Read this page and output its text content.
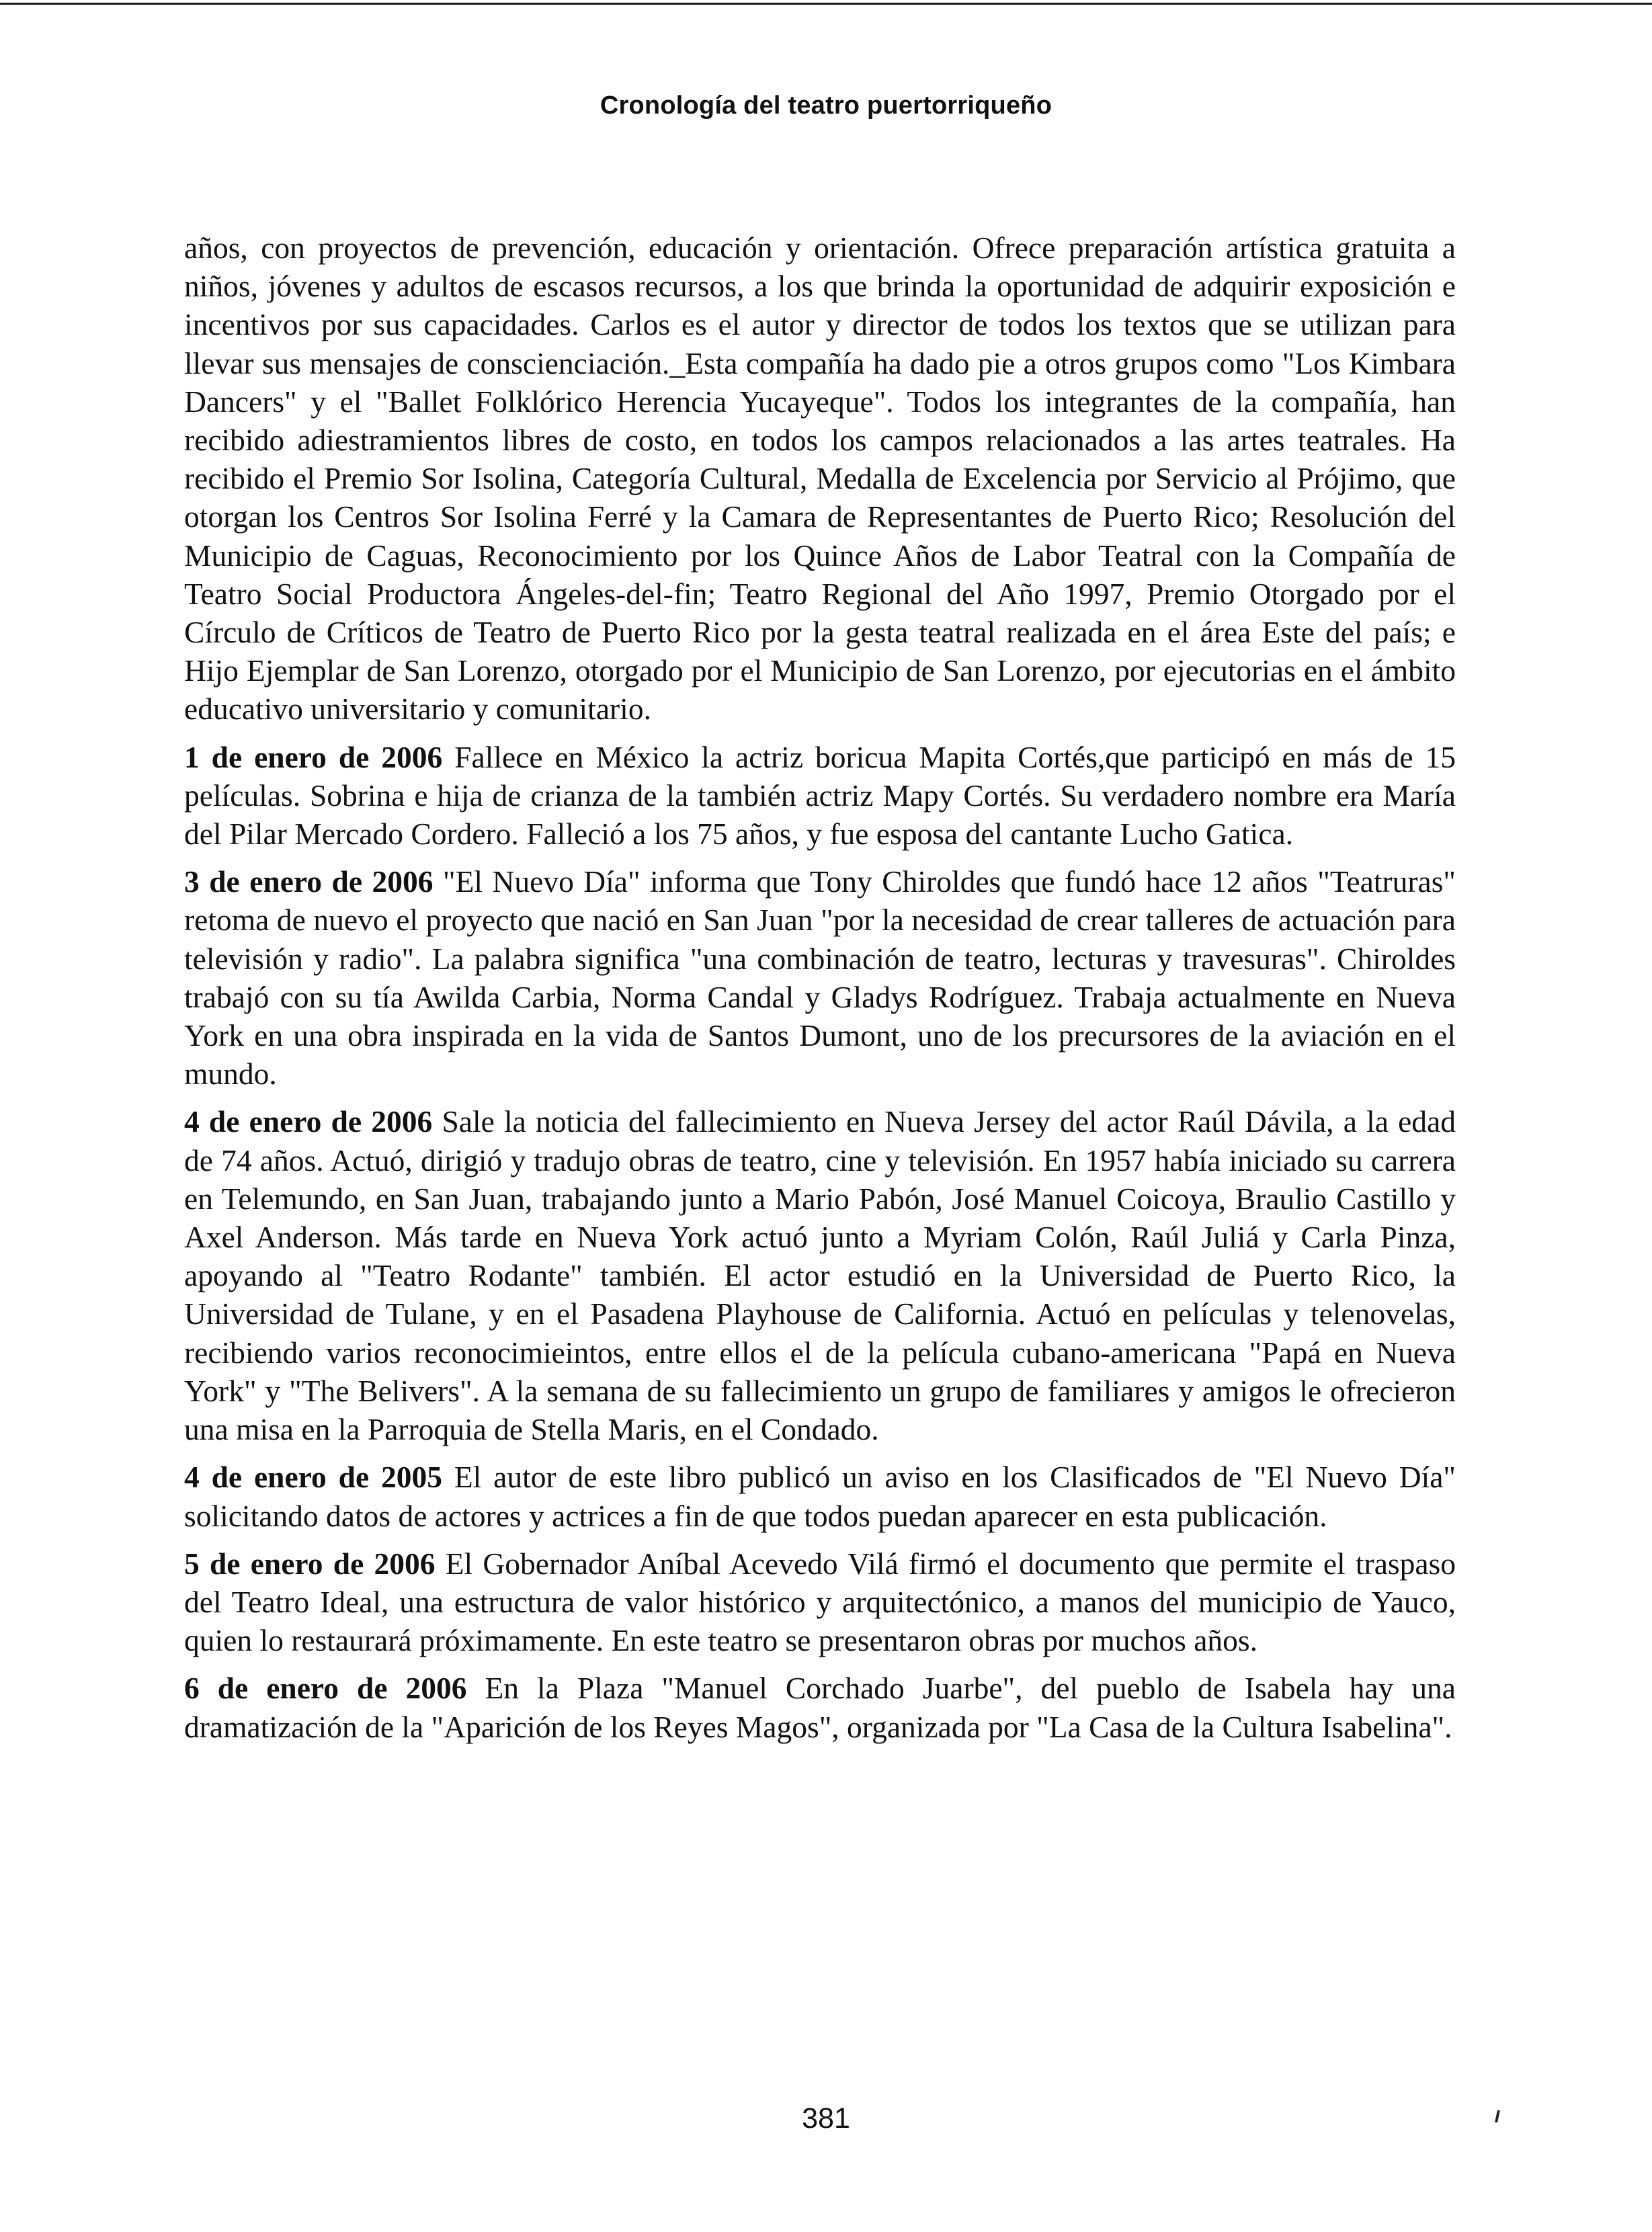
Cronología del teatro puertorriqueño

años, con proyectos de prevención, educación y orientación. Ofrece preparación artística gratuita a niños, jóvenes y adultos de escasos recursos, a los que brinda la oportunidad de adquirir exposición e incentivos por sus capacidades. Carlos es el autor y director de todos los textos que se utilizan para llevar sus mensajes de conscienciación._Esta compañía ha dado pie a otros grupos como "Los Kimbara Dancers" y el "Ballet Folklórico Herencia Yucayeque". Todos los integrantes de la compañía, han recibido adiestramientos libres de costo, en todos los campos relacionados a las artes teatrales. Ha recibido el Premio Sor Isolina, Categoría Cultural, Medalla de Excelencia por Servicio al Prójimo, que otorgan los Centros Sor Isolina Ferré y la Camara de Representantes de Puerto Rico; Resolución del Municipio de Caguas, Reconocimiento por los Quince Años de Labor Teatral con la Compañía de Teatro Social Productora Ángeles-del-fin; Teatro Regional del Año 1997, Premio Otorgado por el Círculo de Críticos de Teatro de Puerto Rico por la gesta teatral realizada en el área Este del país; e Hijo Ejemplar de San Lorenzo, otorgado por el Municipio de San Lorenzo, por ejecutorias en el ámbito educativo universitario y comunitario.

1 de enero de 2006 Fallece en México la actriz boricua Mapita Cortés,que participó en más de 15 películas. Sobrina e hija de crianza de la también actriz Mapy Cortés. Su verdadero nombre era María del Pilar Mercado Cordero. Falleció a los 75 años, y fue esposa del cantante Lucho Gatica.

3 de enero de 2006 "El Nuevo Día" informa que Tony Chiroldes que fundó hace 12 años "Teatruras" retoma de nuevo el proyecto que nació en San Juan "por la necesidad de crear talleres de actuación para televisión y radio". La palabra significa "una combinación de teatro, lecturas y travesuras". Chiroldes trabajó con su tía Awilda Carbia, Norma Candal y Gladys Rodríguez. Trabaja actualmente en Nueva York en una obra inspirada en la vida de Santos Dumont, uno de los precursores de la aviación en el mundo.

4 de enero de 2006 Sale la noticia del fallecimiento en Nueva Jersey del actor Raúl Dávila, a la edad de 74 años. Actuó, dirigió y tradujo obras de teatro, cine y televisión. En 1957 había iniciado su carrera en Telemundo, en San Juan, trabajando junto a Mario Pabón, José Manuel Coicoya, Braulio Castillo y Axel Anderson. Más tarde en Nueva York actuó junto a Myriam Colón, Raúl Juliá y Carla Pinza, apoyando al "Teatro Rodante" también. El actor estudió en la Universidad de Puerto Rico, la Universidad de Tulane, y en el Pasadena Playhouse de California. Actuó en películas y telenovelas, recibiendo varios reconocimieintos, entre ellos el de la película cubano-americana "Papá en Nueva York" y "The Belivers". A la semana de su fallecimiento un grupo de familiares y amigos le ofrecieron una misa en la Parroquia de Stella Maris, en el Condado.

4 de enero de 2005 El autor de este libro publicó un aviso en los Clasificados de "El Nuevo Día" solicitando datos de actores y actrices a fin de que todos puedan aparecer en esta publicación.

5 de enero de 2006 El Gobernador Aníbal Acevedo Vilá firmó el documento que permite el traspaso del Teatro Ideal, una estructura de valor histórico y arquitectónico, a manos del municipio de Yauco, quien lo restaurará próximamente. En este teatro se presentaron obras por muchos años.

6 de enero de 2006 En la Plaza "Manuel Corchado Juarbe", del pueblo de Isabela hay una dramatización de la "Aparición de los Reyes Magos", organizada por "La Casa de la Cultura Isabelina".

381
